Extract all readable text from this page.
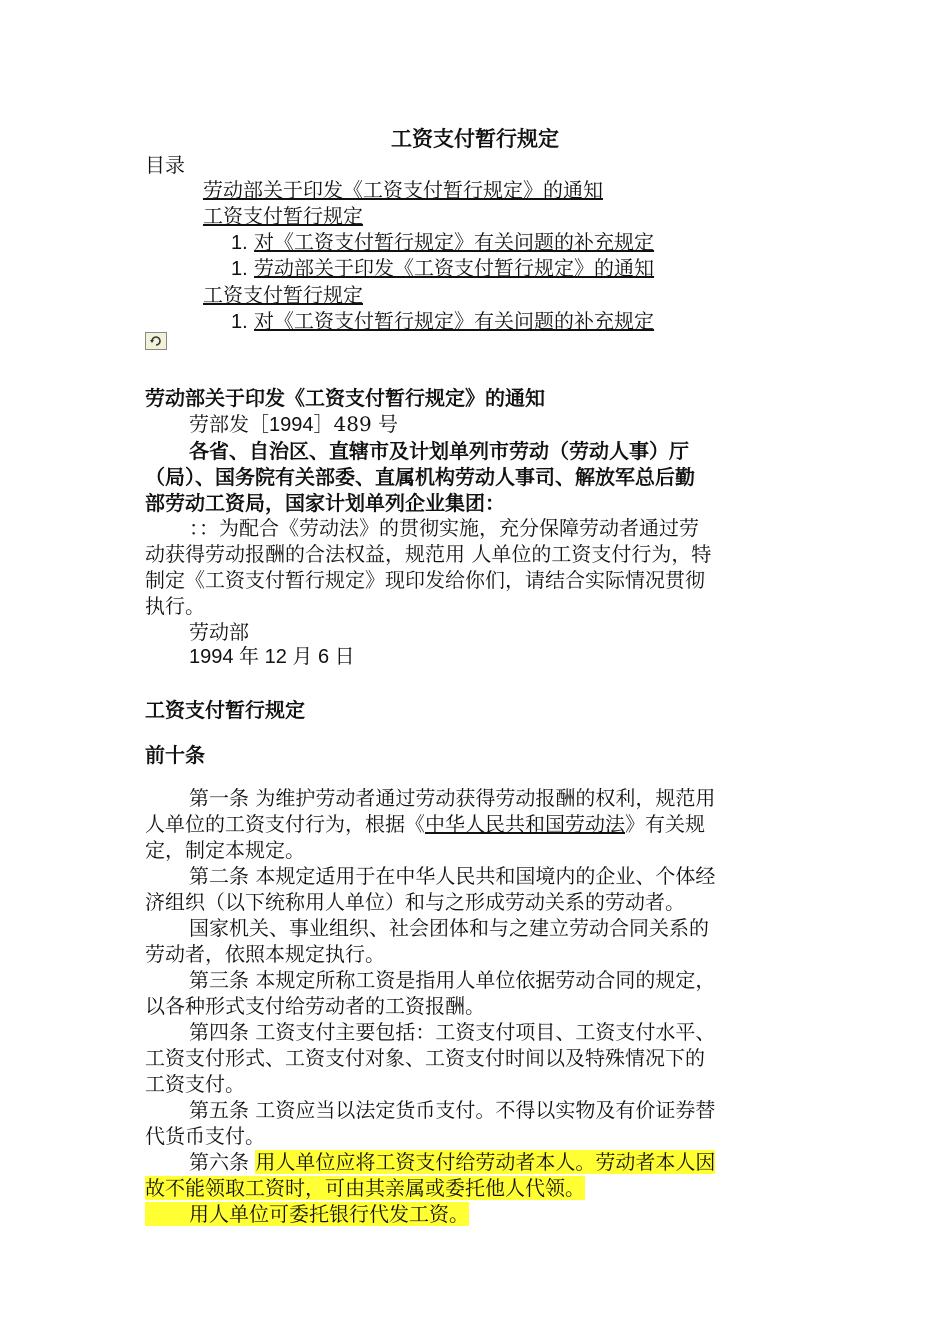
工资支付暂行规定
目录
劳动部关于印发《工资支付暂行规定》的通知
工资支付暂行规定
1. 对《工资支付暂行规定》有关问题的补充规定
1. 劳动部关于印发《工资支付暂行规定》的通知
工资支付暂行规定
1. 对《工资支付暂行规定》有关问题的补充规定
劳动部关于印发《工资支付暂行规定》的通知
劳部发［1994］489 号
各省、自治区、直辖市及计划单列市劳动（劳动人事）厅
（局）、国务院有关部委、直属机构劳动人事司、解放军总后勤
部劳动工资局，国家计划单列企业集团：
：：为配合《劳动法》的贯彻实施，充分保障劳动者通过劳
动获得劳动报酬的合法权益，规范用 人单位的工资支付行为，特
制定《工资支付暂行规定》现印发给你们，请结合实际情况贯彻
执行。
劳动部
1994 年 12 月 6 日
工资支付暂行规定
前十条
第一条 为维护劳动者通过劳动获得劳动报酬的权利，规范用
人单位的工资支付行为，根据《中华人民共和国劳动法》有关规
定，制定本规定。
第二条 本规定适用于在中华人民共和国境内的企业、个体经
济组织（以下统称用人单位）和与之形成劳动关系的劳动者。
国家机关、事业组织、社会团体和与之建立劳动合同关系的
劳动者，依照本规定执行。
第三条 本规定所称工资是指用人单位依据劳动合同的规定，
以各种形式支付给劳动者的工资报酬。
第四条 工资支付主要包括：工资支付项目、工资支付水平、
工资支付形式、工资支付对象、工资支付时间以及特殊情况下的
工资支付。
第五条 工资应当以法定货币支付。不得以实物及有价证券替
代货币支付。
第六条 用人单位应将工资支付给劳动者本人。劳动者本人因
故不能领取工资时，可由其亲属或委托他人代领。
用人单位可委托银行代发工资。
